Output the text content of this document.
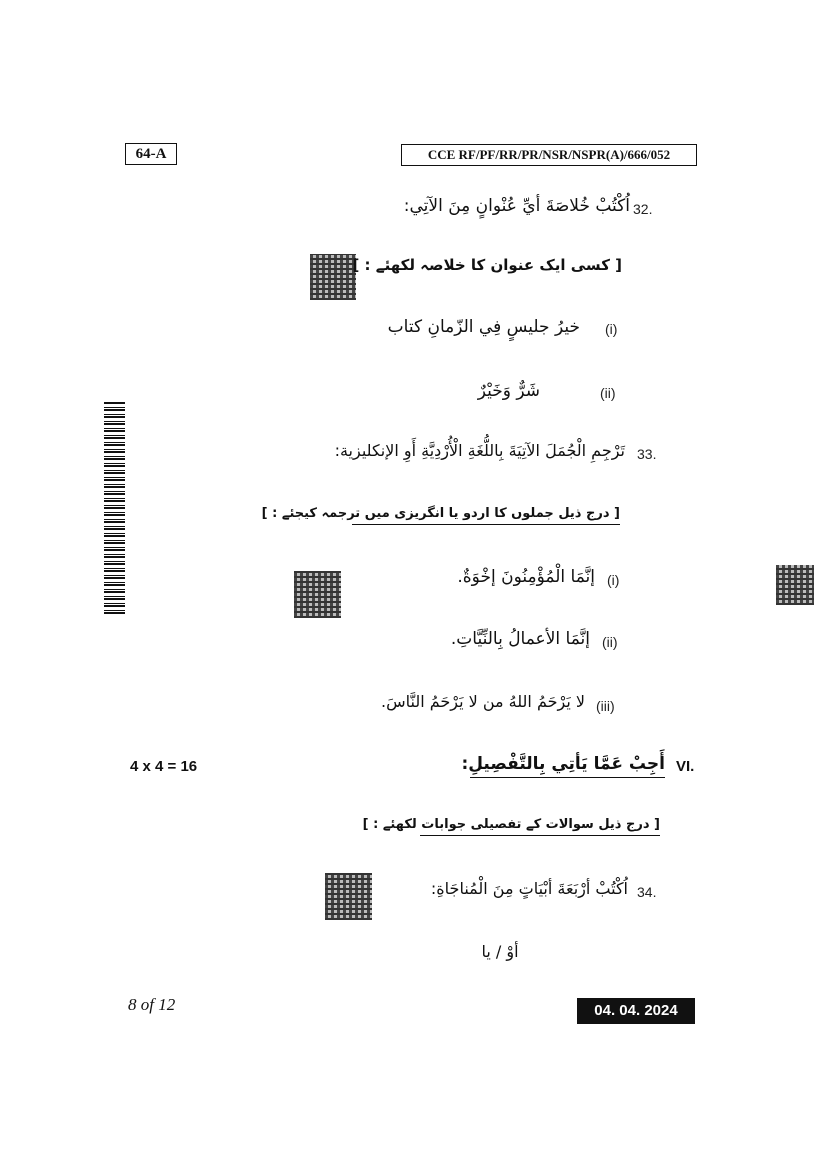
64-A	CCE RF/PF/RR/PR/NSR/NSPR(A)/666/052
32.
اُكْتُبْ خُلاصَةَ أيِّ عُنْوانٍ مِنَ الآتِي:
[ کسی ایک عنوان کا خلاصہ لکھئے : ]
(i)
خيرُ جليسٍ فِي الزّمانِ كتاب
(ii)
شَرٌّ وَخَيْرٌ
33.
تَرْجِمِ الْجُمَلَ الآتِيَةَ بِاللُّغَةِ الْأُرْدِيَّةِ أَوِ الإنكليزية:
[ درج ذیل جملوں کا اردو یا انگریزی میں ترجمہ کیجئے : ]
(i)
إنَّمَا الْمُؤْمِنُونَ إخْوَةٌ.
(ii)
إنَّمَا الأعمالُ بِالنِّيَّاتِ.
(iii)
لا يَرْحَمُ اللهُ من لا يَرْحَمُ النَّاسَ.
4 x 4 = 16	VI.
أَجِبْ عَمَّا يَأتِي بِالتَّفْصِيلِ:
[ درج ذیل سوالات کے تفصیلی جوابات لکھئے : ]
34.
اُكْتُبْ أرْبَعَةَ أبْيَاتٍ مِنَ الْمُناجَاةِ:
أوْ / یا
8 of 12	04. 04. 2024
